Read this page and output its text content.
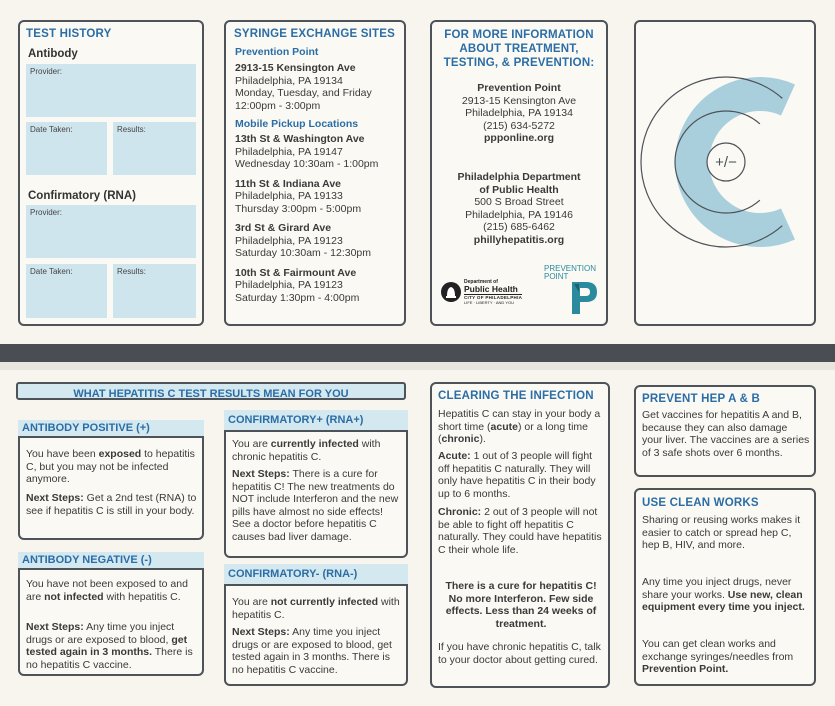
TEST HISTORY
Antibody
Provider:
Date Taken:	Results:
Confirmatory (RNA)
Provider:
Date Taken:	Results:
SYRINGE EXCHANGE SITES
Prevention Point
2913-15 Kensington Ave
Philadelphia, PA 19134
Monday, Tuesday, and Friday
12:00pm - 3:00pm
Mobile Pickup Locations
13th St & Washington Ave
Philadelphia, PA 19147
Wednesday 10:30am - 1:00pm
11th St & Indiana Ave
Philadelphia, PA 19133
Thursday 3:00pm - 5:00pm
3rd St & Girard Ave
Philadelphia, PA 19123
Saturday 10:30am - 12:30pm
10th St & Fairmount Ave
Philadelphia, PA 19123
Saturday 1:30pm - 4:00pm
FOR MORE INFORMATION
ABOUT TREATMENT,
TESTING, & PREVENTION:
Prevention Point
2913-15 Kensington Ave
Philadelphia, PA 19134
(215) 634-5272
ppponline.org
Philadelphia Department
of Public Health
500 S Broad Street
Philadelphia, PA 19146
(215) 685-6462
phillyhepatitis.org
Department of
Public Health
CITY OF PHILADELPHIA
LIFE · LIBERTY · AND YOU
PREVENTION
POINT
+/−
WHAT HEPATITIS C TEST RESULTS MEAN FOR YOU
ANTIBODY POSITIVE (+)
You have been exposed to hepatitis C, but you may not be infected anymore.
Next Steps: Get a 2nd test (RNA) to see if hepatitis C is still in your body.
ANTIBODY NEGATIVE (-)
You have not been exposed to and are not infected with hepatitis C.
Next Steps: Any time you inject drugs or are exposed to blood, get tested again in 3 months. There is no hepatitis C vaccine.
CONFIRMATORY+ (RNA+)
You are currently infected with chronic hepatitis C.
Next Steps: There is a cure for hepatitis C! The new treatments do NOT include Interferon and the new pills have almost no side effects! See a doctor before hepatitis C causes bad liver damage.
CONFIRMATORY- (RNA-)
You are not currently infected with hepatitis C.
Next Steps: Any time you inject drugs or are exposed to blood, get tested again in 3 months. There is no hepatitis C vaccine.
CLEARING THE INFECTION
Hepatitis C can stay in your body a short time (acute) or a long time (chronic).
Acute: 1 out of 3 people will fight off hepatitis C naturally. They will only have hepatitis C in their body up to 6 months.
Chronic: 2 out of 3 people will not be able to fight off hepatitis C naturally. They could have hepatitis C their whole life.
There is a cure for hepatitis C! No more Interferon. Few side effects. Less than 24 weeks of treatment.
If you have chronic hepatitis C, talk to your doctor about getting cured.
PREVENT HEP A & B
Get vaccines for hepatitis A and B, because they can also damage your liver. The vaccines are a series of 3 safe shots over 6 months.
USE CLEAN WORKS
Sharing or reusing works makes it easier to catch or spread hep C, hep B, HIV, and more.
Any time you inject drugs, never share your works. Use new, clean equipment every time you inject.
You can get clean works and exchange syringes/needles from Prevention Point.
